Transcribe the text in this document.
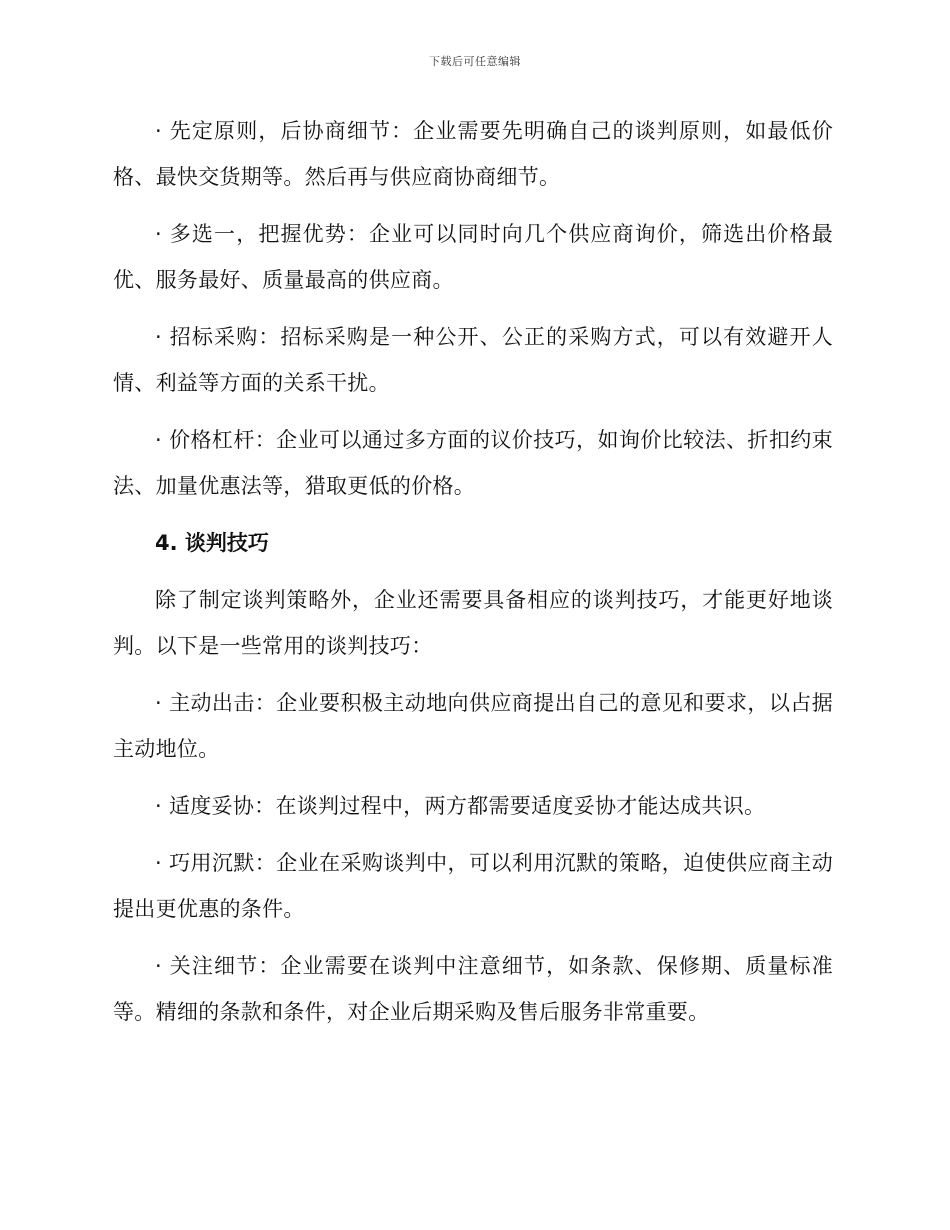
下载后可任意编辑

· 先定原则，后协商细节：企业需要先明确自己的谈判原则，如最低价格、最快交货期等。然后再与供应商协商细节。

· 多选一，把握优势：企业可以同时向几个供应商询价，筛选出价格最优、服务最好、质量最高的供应商。

· 招标采购：招标采购是一种公开、公正的采购方式，可以有效避开人情、利益等方面的关系干扰。

· 价格杠杆：企业可以通过多方面的议价技巧，如询价比较法、折扣约束法、加量优惠法等，猎取更低的价格。

4. 谈判技巧

除了制定谈判策略外，企业还需要具备相应的谈判技巧，才能更好地谈判。以下是一些常用的谈判技巧：

· 主动出击：企业要积极主动地向供应商提出自己的意见和要求，以占据主动地位。

· 适度妥协：在谈判过程中，两方都需要适度妥协才能达成共识。

· 巧用沉默：企业在采购谈判中，可以利用沉默的策略，迫使供应商主动提出更优惠的条件。

· 关注细节：企业需要在谈判中注意细节，如条款、保修期、质量标准等。精细的条款和条件，对企业后期采购及售后服务非常重要。
